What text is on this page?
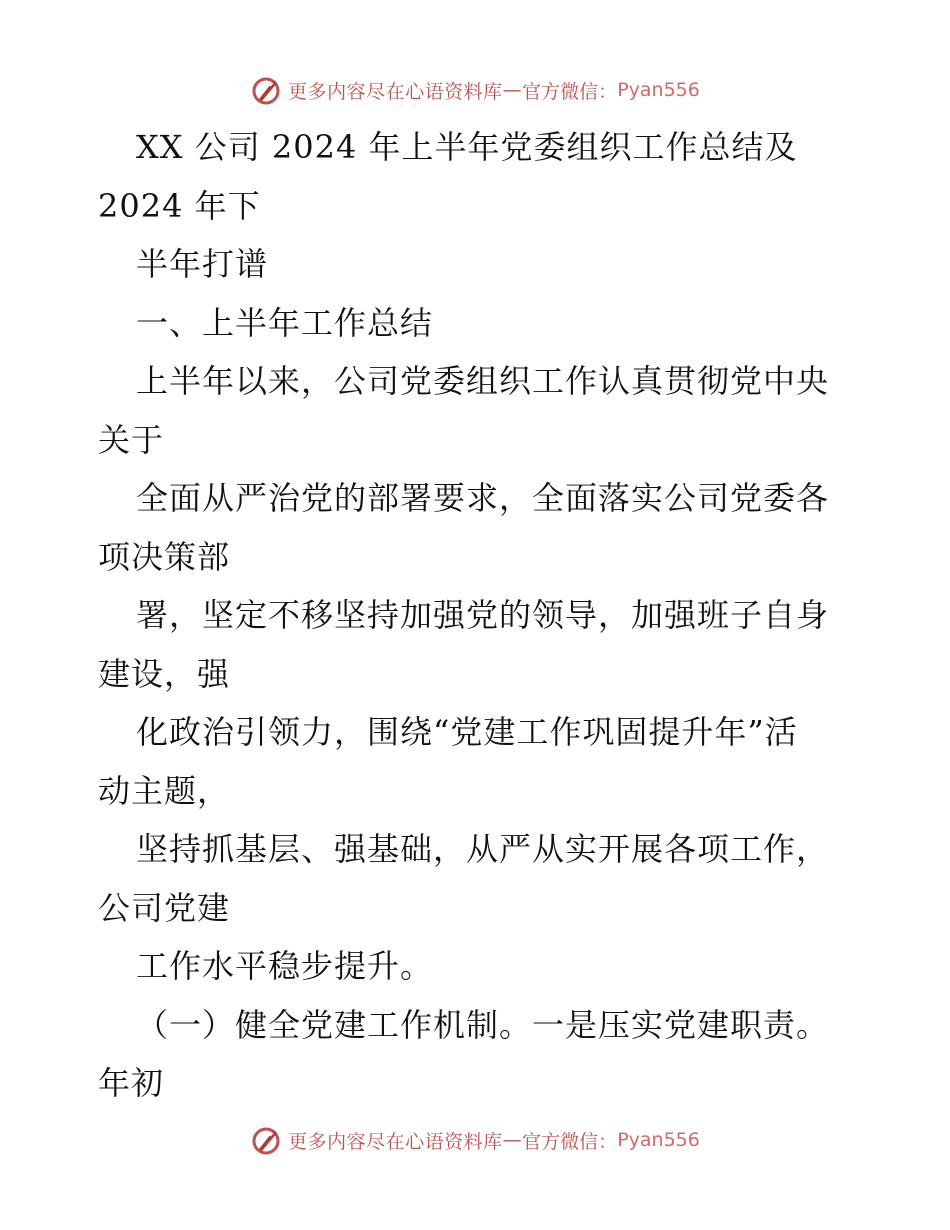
更多内容尽在心语资料库 — 官方微信： Pyan556
XX 公司 2024 年上半年党委组织工作总结及
2024 年下
半年打谱
一、上半年工作总结
上半年以来，公司党委组织工作认真贯彻党中央
关于
全面从严治党的部署要求，全面落实公司党委各
项决策部
署，坚定不移坚持加强党的领导，加强班子自身
建设，强
化政治引领力，围绕“党建工作巩固提升年”活
动主题，
坚持抓基层、强基础，从严从实开展各项工作，
公司党建
工作水平稳步提升。
（一）健全党建工作机制。一是压实党建职责。
年初
更多内容尽在心语资料库 — 官方微信： Pyan556
